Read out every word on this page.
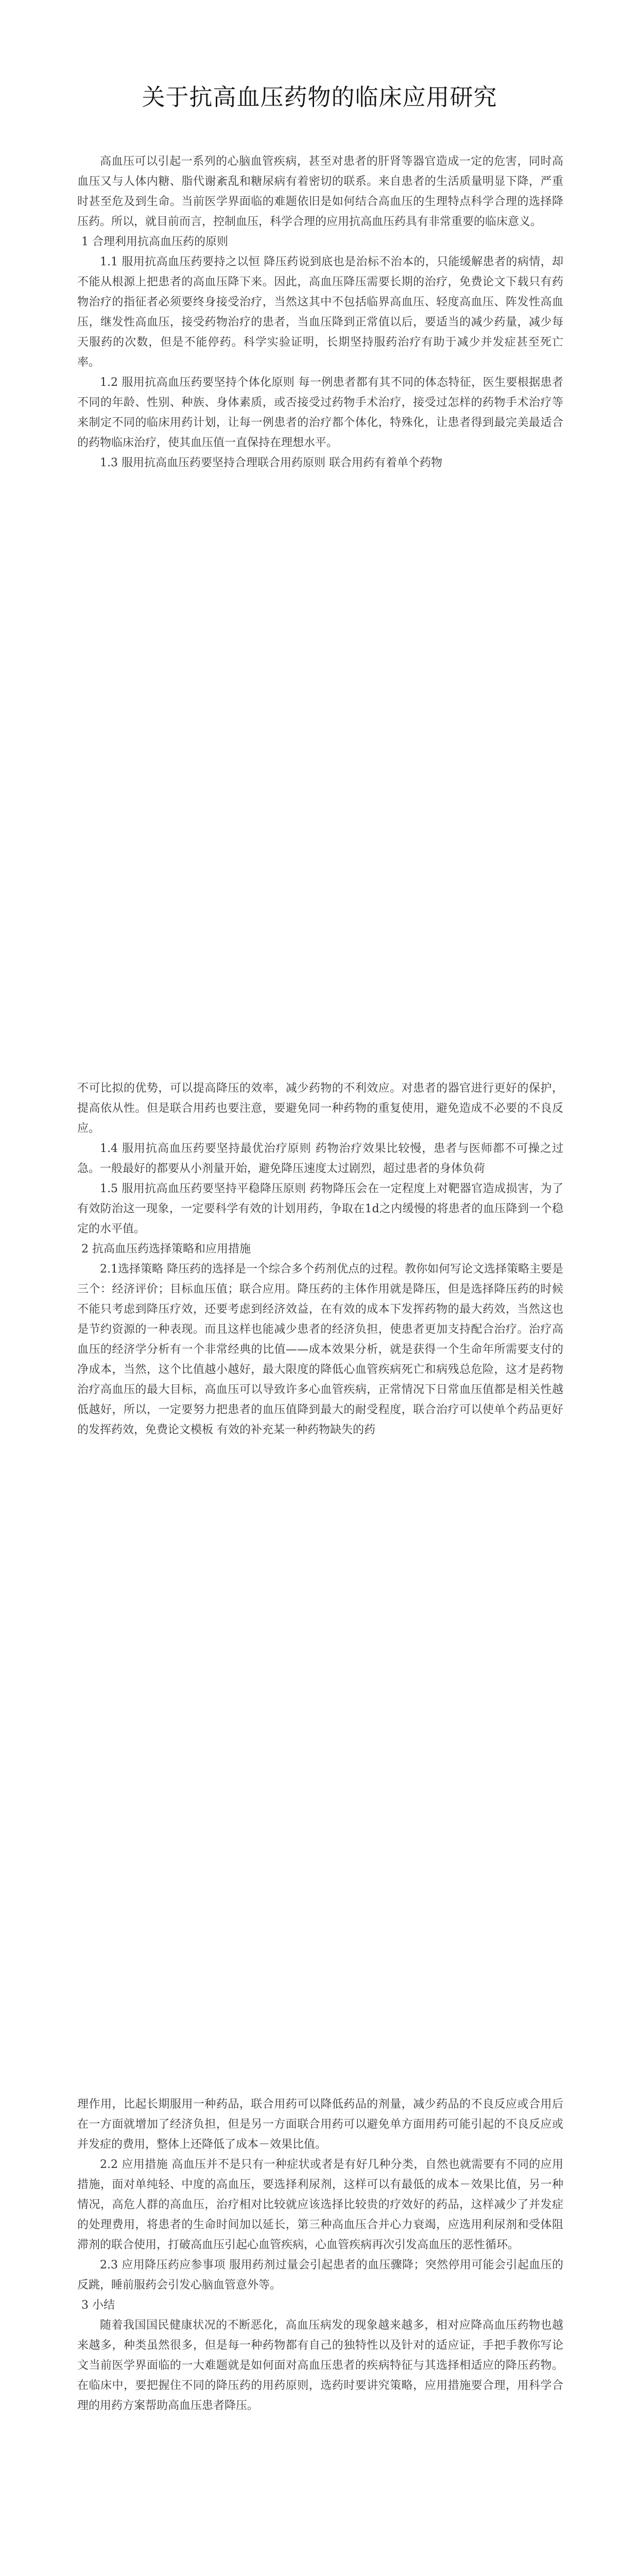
关于抗高血压药物的临床应用研究

高血压可以引起一系列的心脑血管疾病，甚至对患者的肝肾等器官造成一定的危害，同时高血压又与人体内糖、脂代谢紊乱和糖尿病有着密切的联系。来自患者的生活质量明显下降，严重时甚至危及到生命。当前医学界面临的难题依旧是如何结合高血压的生理特点科学合理的选择降压药。所以，就目前而言，控制血压，科学合理的应用抗高血压药具有非常重要的临床意义。

1 合理利用抗高血压药的原则

1.1 服用抗高血压药要持之以恒 降压药说到底也是治标不治本的，只能缓解患者的病情，却不能从根源上把患者的高血压降下来。因此，高血压降压需要长期的治疗，免费论文下载只有药物治疗的指征者必须要终身接受治疗，当然这其中不包括临界高血压、轻度高血压、阵发性高血压，继发性高血压，接受药物治疗的患者，当血压降到正常值以后，要适当的减少药量，减少每天服药的次数，但是不能停药。科学实验证明，长期坚持服药治疗有助于减少并发症甚至死亡率。

1.2 服用抗高血压药要坚持个体化原则 每一例患者都有其不同的体态特征，医生要根据患者不同的年龄、性别、种族、身体素质，或否接受过药物手术治疗，接受过怎样的药物手术治疗等来制定不同的临床用药计划，让每一例患者的治疗都个体化，特殊化，让患者得到最完美最适合的药物临床治疗，使其血压值一直保持在理想水平。

1.3 服用抗高血压药要坚持合理联合用药原则 联合用药有着单个药物

不可比拟的优势，可以提高降压的效率，减少药物的不利效应。对患者的器官进行更好的保护，提高依从性。但是联合用药也要注意，要避免同一种药物的重复使用，避免造成不必要的不良反应。

1.4 服用抗高血压药要坚持最优治疗原则 药物治疗效果比较慢，患者与医师都不可操之过急。一般最好的都要从小剂量开始，避免降压速度太过剧烈，超过患者的身体负荷

1.5 服用抗高血压药要坚持平稳降压原则 药物降压会在一定程度上对靶器官造成损害，为了有效防治这一现象，一定要科学有效的计划用药，争取在1d之内缓慢的将患者的血压降到一个稳定的水平值。

2 抗高血压药选择策略和应用措施

2.1选择策略 降压药的选择是一个综合多个药剂优点的过程。教你如何写论文选择策略主要是三个：经济评价；目标血压值；联合应用。降压药的主体作用就是降压，但是选择降压药的时候不能只考虑到降压疗效，还要考虑到经济效益，在有效的成本下发挥药物的最大药效，当然这也是节约资源的一种表现。而且这样也能减少患者的经济负担，使患者更加支持配合治疗。治疗高血压的经济学分析有一个非常经典的比值——成本效果分析，就是获得一个生命年所需要支付的净成本，当然，这个比值越小越好，最大限度的降低心血管疾病死亡和病残总危险，这才是药物治疗高血压的最大目标，高血压可以导致许多心血管疾病，正常情况下日常血压值都是相关性越低越好，所以，一定要努力把患者的血压值降到最大的耐受程度，联合治疗可以使单个药品更好的发挥药效，免费论文模板 有效的补充某一种药物缺失的药

理作用，比起长期服用一种药品，联合用药可以降低药品的剂量，减少药品的不良反应或合用后在一方面就增加了经济负担，但是另一方面联合用药可以避免单方面用药可能引起的不良反应或并发症的费用，整体上还降低了成本－效果比值。

2.2 应用措施 高血压并不是只有一种症状或者是有好几种分类，自然也就需要有不同的应用措施，面对单纯轻、中度的高血压，要选择利尿剂，这样可以有最低的成本－效果比值，另一种情况，高危人群的高血压，治疗相对比较就应该选择比较贵的疗效好的药品，这样减少了并发症的处理费用，将患者的生命时间加以延长，第三种高血压合并心力衰竭，应选用利尿剂和受体阻滞剂的联合使用，打破高血压引起心血管疾病，心血管疾病再次引发高血压的恶性循环。

2.3 应用降压药应参事项 服用药剂过量会引起患者的血压骤降；突然停用可能会引起血压的反跳，睡前服药会引发心脑血管意外等。

3 小结

随着我国国民健康状况的不断恶化，高血压病发的现象越来越多，相对应降高血压药物也越来越多，种类虽然很多，但是每一种药物都有自己的独特性以及针对的适应证，手把手教你写论文当前医学界面临的一大难题就是如何面对高血压患者的疾病特征与其选择相适应的降压药物。在临床中，要把握住不同的降压药的用药原则，选药时要讲究策略，应用措施要合理，用科学合理的用药方案帮助高血压患者降压。
